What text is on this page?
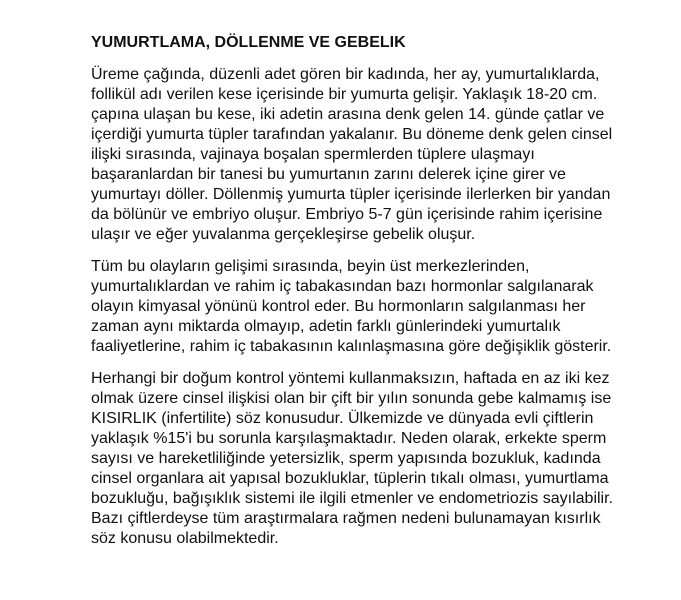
YUMURTLAMA, DÖLLENME VE GEBELIK

Üreme çağında, düzenli adet gören bir kadında, her ay, yumurtalıklarda,
follikül adı verilen kese içerisinde bir yumurta gelişir. Yaklaşık 18-20 cm.
çapına ulaşan bu kese, iki adetin arasına denk gelen 14. günde çatlar ve
içerdiği yumurta tüpler tarafından yakalanır. Bu döneme denk gelen cinsel
ilişki sırasında, vajinaya boşalan spermlerden tüplere ulaşmayı
başaranlardan bir tanesi bu yumurtanın zarını delerek içine girer ve
yumurtayı döller. Döllenmiş yumurta tüpler içerisinde ilerlerken bir yandan
da bölünür ve embriyo oluşur. Embriyo 5-7 gün içerisinde rahim içerisine
ulaşır ve eğer yuvalanma gerçekleşirse gebelik oluşur.

Tüm bu olayların gelişimi sırasında, beyin üst merkezlerinden,
yumurtalıklardan ve rahim iç tabakasından bazı hormonlar salgılanarak
olayın kimyasal yönünü kontrol eder. Bu hormonların salgılanması her
zaman aynı miktarda olmayıp, adetin farklı günlerindeki yumurtalık
faaliyetlerine, rahim iç tabakasının kalınlaşmasına göre değişiklik gösterir.

Herhangi bir doğum kontrol yöntemi kullanmaksızın, haftada en az iki kez
olmak üzere cinsel ilişkisi olan bir çift bir yılın sonunda gebe kalmamış ise
KISIRLIK (infertilite) söz konusudur. Ülkemizde ve dünyada evli çiftlerin
yaklaşık %15'i bu sorunla karşılaşmaktadır. Neden olarak, erkekte sperm
sayısı ve hareketliliğinde yetersizlik, sperm yapısında bozukluk, kadında
cinsel organlara ait yapısal bozukluklar, tüplerin tıkalı olması, yumurtlama
bozukluğu, bağışıklık sistemi ile ilgili etmenler ve endometriozis sayılabilir.
Bazı çiftlerdeyse tüm araştırmalara rağmen nedeni bulunamayan kısırlık
söz konusu olabilmektedir.
